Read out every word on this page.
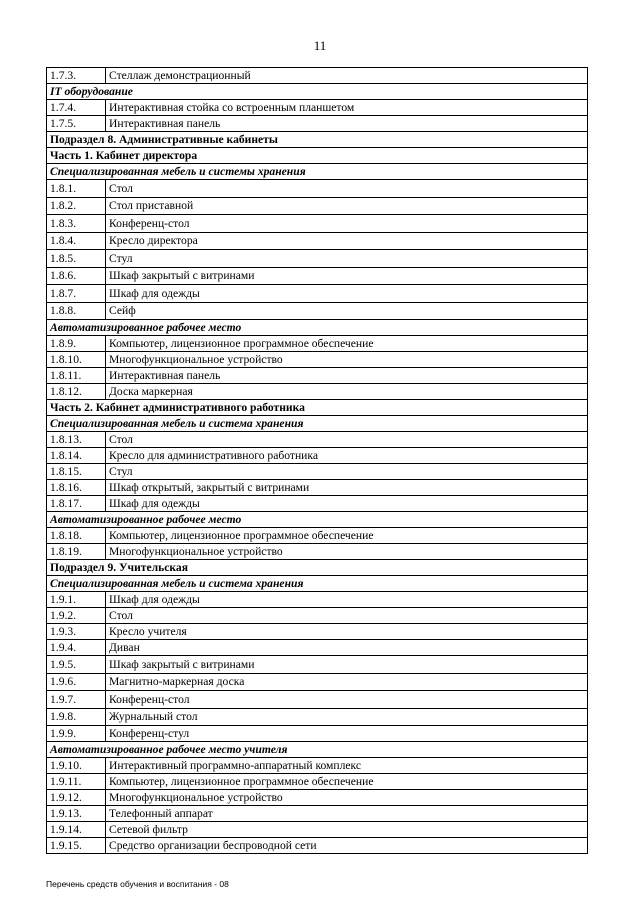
11
1.7.3.	Стеллаж демонстрационный
IT оборудование	
1.7.4.	Интерактивная стойка со встроенным планшетом
1.7.5.	Интерактивная панель
Подраздел 8. Административные кабинеты	
Часть 1. Кабинет директора	
Специализированная мебель и системы хранения	
1.8.1.	Стол
1.8.2.	Стол приставной
1.8.3.	Конференц-стол
1.8.4.	Кресло директора
1.8.5.	Стул
1.8.6.	Шкаф закрытый с витринами
1.8.7.	Шкаф для одежды
1.8.8.	Сейф
Автоматизированное рабочее место	
1.8.9.	Компьютер, лицензионное программное обеспечение
1.8.10.	Многофункциональное устройство
1.8.11.	Интерактивная панель
1.8.12.	Доска маркерная
Часть 2. Кабинет административного работника	
Специализированная мебель и система хранения	
1.8.13.	Стол
1.8.14.	Кресло для административного работника
1.8.15.	Стул
1.8.16.	Шкаф открытый, закрытый с витринами
1.8.17.	Шкаф для одежды
Автоматизированное рабочее место	
1.8.18.	Компьютер, лицензионное программное обеспечение
1.8.19.	Многофункциональное устройство
Подраздел 9. Учительская	
Специализированная мебель и система хранения	
1.9.1.	Шкаф для одежды
1.9.2.	Стол
1.9.3.	Кресло учителя
1.9.4.	Диван
1.9.5.	Шкаф закрытый с витринами
1.9.6.	Магнитно-маркерная доска
1.9.7.	Конференц-стол
1.9.8.	Журнальный стол
1.9.9.	Конференц-стул
Автоматизированное рабочее место учителя	
1.9.10.	Интерактивный программно-аппаратный комплекс
1.9.11.	Компьютер, лицензионное программное обеспечение
1.9.12.	Многофункциональное устройство
1.9.13.	Телефонный аппарат
1.9.14.	Сетевой фильтр
1.9.15.	Средство организации беспроводной сети
Перечень средств обучения и воспитания - 08
